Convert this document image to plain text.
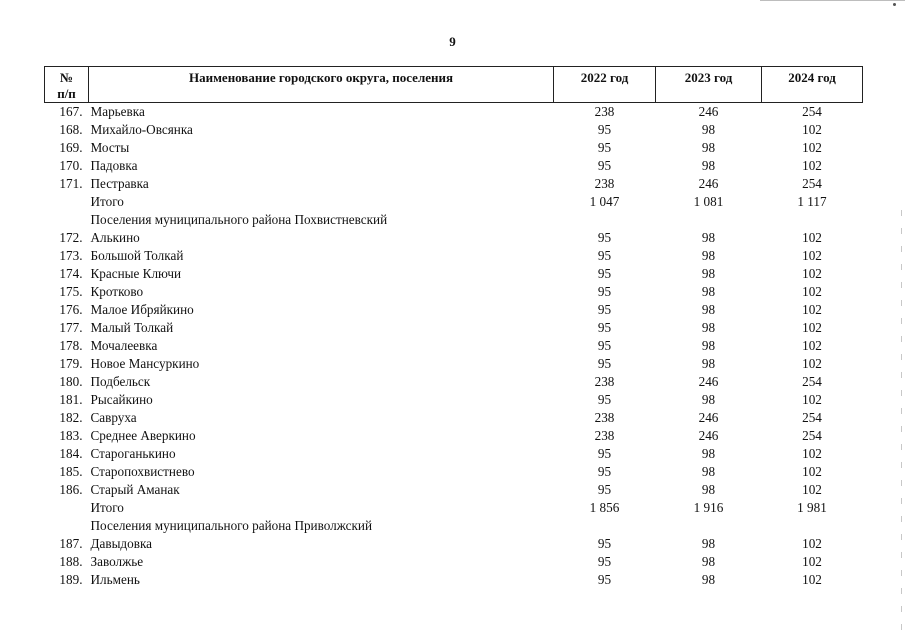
9
№
п/п	Наименование городского округа, поселения	2022 год	2023 год	2024 год

167.	Марьевка	238	246	254
168.	Михайло-Овсянка	95	98	102
169.	Мосты	95	98	102
170.	Падовка	95	98	102
171.	Пестравка	238	246	254
	Итого	1 047	1 081	1 117
	Поселения муниципального района Похвистневский			
172.	Алькино	95	98	102
173.	Большой Толкай	95	98	102
174.	Красные Ключи	95	98	102
175.	Кротково	95	98	102
176.	Малое Ибряйкино	95	98	102
177.	Малый Толкай	95	98	102
178.	Мочалеевка	95	98	102
179.	Новое Мансуркино	95	98	102
180.	Подбельск	238	246	254
181.	Рысайкино	95	98	102
182.	Савруха	238	246	254
183.	Среднее Аверкино	238	246	254
184.	Староганькино	95	98	102
185.	Старопохвистнево	95	98	102
186.	Старый Аманак	95	98	102
	Итого	1 856	1 916	1 981
	Поселения муниципального района Приволжский			
187.	Давыдовка	95	98	102
188.	Заволжье	95	98	102
189.	Ильмень	95	98	102
